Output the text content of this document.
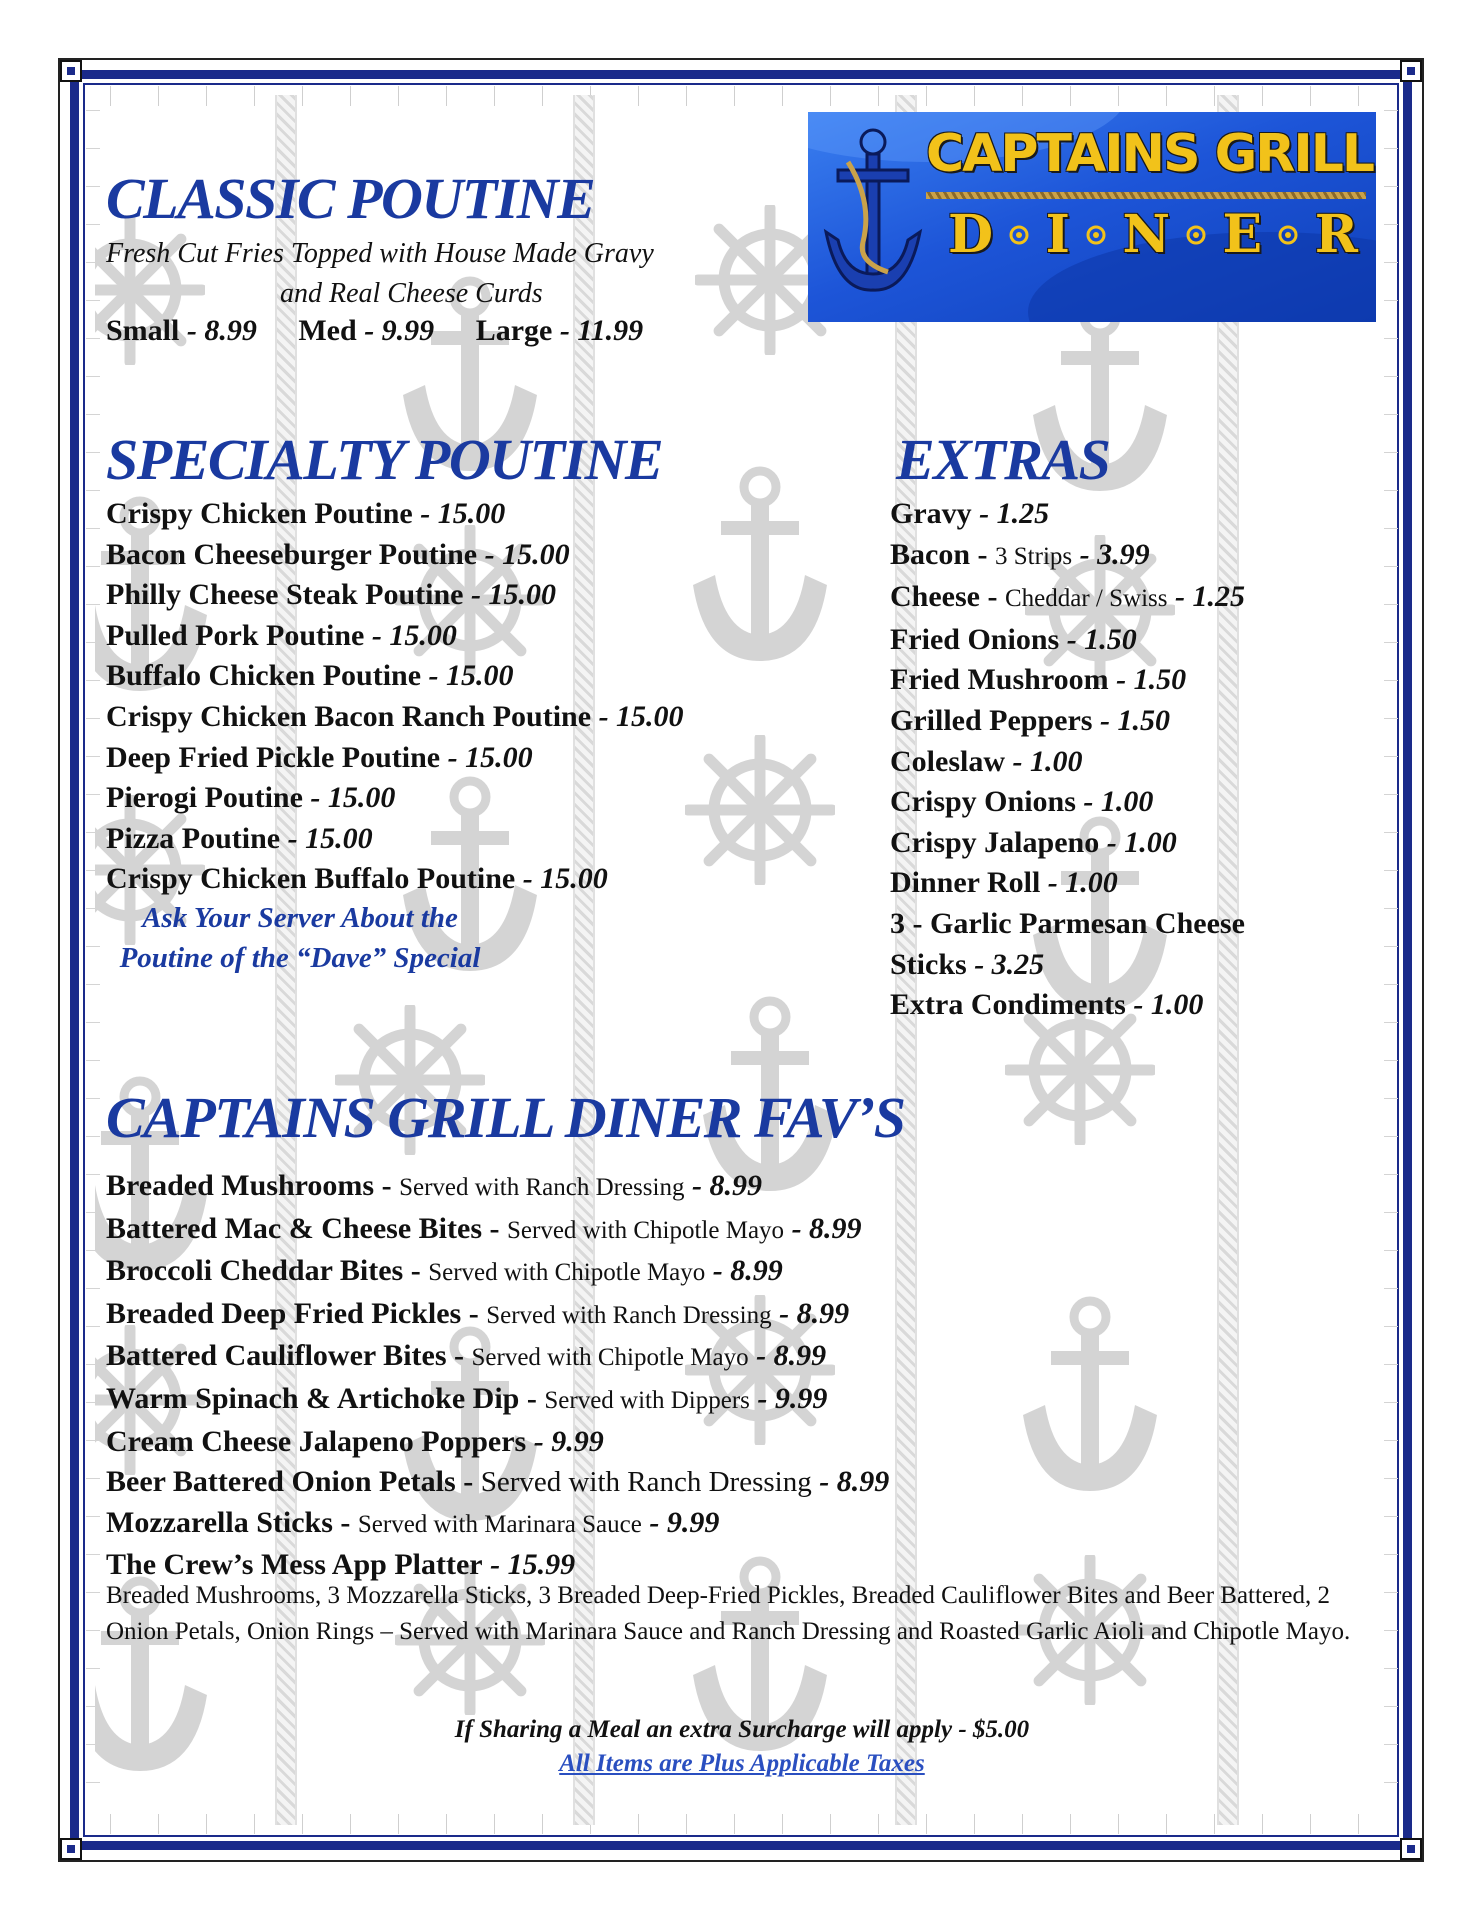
CAPTAINS GRILL
D I N E R
CLASSIC POUTINE
Fresh Cut Fries Topped with House Made Gravy
and Real Cheese Curds
Small - 8.99 Med - 9.99 Large - 11.99
SPECIALTY POUTINE
Crispy Chicken Poutine - 15.00
Bacon Cheeseburger Poutine - 15.00
Philly Cheese Steak Poutine - 15.00
Pulled Pork Poutine - 15.00
Buffalo Chicken Poutine - 15.00
Crispy Chicken Bacon Ranch Poutine - 15.00
Deep Fried Pickle Poutine - 15.00
Pierogi Poutine - 15.00
Pizza Poutine - 15.00
Crispy Chicken Buffalo Poutine - 15.00
Ask Your Server About the
Poutine of the “Dave” Special
EXTRAS
Gravy - 1.25
Bacon - 3 Strips - 3.99
Cheese - Cheddar / Swiss - 1.25
Fried Onions - 1.50
Fried Mushroom - 1.50
Grilled Peppers - 1.50
Coleslaw - 1.00
Crispy Onions - 1.00
Crispy Jalapeno - 1.00
Dinner Roll - 1.00
3 - Garlic Parmesan Cheese
Sticks - 3.25
Extra Condiments - 1.00
CAPTAINS GRILL DINER FAV’S
Breaded Mushrooms - Served with Ranch Dressing - 8.99
Battered Mac & Cheese Bites - Served with Chipotle Mayo - 8.99
Broccoli Cheddar Bites - Served with Chipotle Mayo - 8.99
Breaded Deep Fried Pickles - Served with Ranch Dressing - 8.99
Battered Cauliflower Bites - Served with Chipotle Mayo - 8.99
Warm Spinach & Artichoke Dip - Served with Dippers - 9.99
Cream Cheese Jalapeno Poppers - 9.99
Beer Battered Onion Petals - Served with Ranch Dressing - 8.99
Mozzarella Sticks - Served with Marinara Sauce - 9.99
The Crew’s Mess App Platter - 15.99
Breaded Mushrooms, 3 Mozzarella Sticks, 3 Breaded Deep-Fried Pickles, Breaded Cauliflower Bites and Beer Battered, 2 Onion Petals, Onion Rings – Served with Marinara Sauce and Ranch Dressing and Roasted Garlic Aioli and Chipotle Mayo.
If Sharing a Meal an extra Surcharge will apply - $5.00
All Items are Plus Applicable Taxes
